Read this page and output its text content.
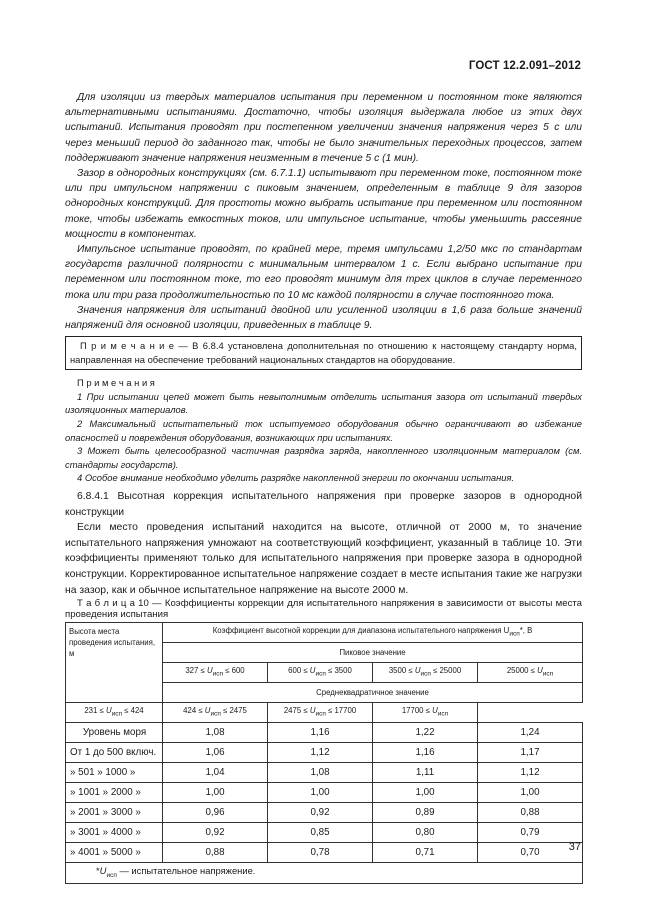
ГОСТ 12.2.091–2012

Для изоляции из твердых материалов испытания при переменном и постоянном токе являются альтернативными испытаниями. Достаточно, чтобы изоляция выдержала любое из этих двух испытаний. Испытания проводят при постепенном увеличении значения напряжения через 5 с или через меньший период до заданного так, чтобы не было значительных переходных процессов, затем поддерживают значение напряжения неизменным в течение 5 с (1 мин).

Зазор в однородных конструкциях (см. 6.7.1.1) испытывают при переменном токе, постоянном токе или при импульсном напряжении с пиковым значением, определенным в таблице 9 для зазоров однородных конструкций. Для простоты можно выбрать испытание при переменном или постоянном токе, чтобы избежать емкостных токов, или импульсное испытание, чтобы уменьшить рассеяние мощности в компонентах.

Импульсное испытание проводят, по крайней мере, тремя импульсами 1,2/50 мкс по стандартам государств различной полярности с минимальным интервалом 1 с. Если выбрано испытание при переменном или постоянном токе, то его проводят минимум для трех циклов в случае переменного тока или три раза продолжительностью по 10 мс каждой полярности в случае постоянного тока.

Значения напряжения для испытаний двойной или усиленной изоляции в 1,6 раза больше значений напряжений для основной изоляции, приведенных в таблице 9.

П р и м е ч а н и е — В 6.8.4 установлена дополнительная по отношению к настоящему стандарту норма, направленная на обеспечение требований национальных стандартов на оборудование.

П р и м е ч а н и я

1 При испытании цепей может быть невыполнимым отделить испытания зазора от испытаний твердых изоляционных материалов.

2 Максимальный испытательный ток испытуемого оборудования обычно ограничивают во избежание опасностей и повреждения оборудования, возникающих при испытаниях.

3 Может быть целесообразной частичная разрядка заряда, накопленного изоляционным материалом (см. стандарты государств).

4 Особое внимание необходимо уделить разрядке накопленной энергии по окончании испытания.

6.8.4.1 Высотная коррекция испытательного напряжения при проверке зазоров в однородной конструкции

Если место проведения испытаний находится на высоте, отличной от 2000 м, то значение испытательного напряжения умножают на соответствующий коэффициент, указанный в таблице 10. Эти коэффициенты применяют только для испытательного напряжения при проверке зазора в однородной конструкции. Корректированное испытательное напряжение создает в месте испытания такие же нагрузки на зазор, как и обычное испытательное напряжение на высоте 2000 м.

Т а б л и ц а 10 — Коэффициенты коррекции для испытательного напряжения в зависимости от высоты места проведения испытания

Высота места проведения испытания, м	Коэффициент высотной коррекции для диапазона испытательного напряжения $U_{исп}*$, В			
	Пиковое значение			
	$327 \le U_{исп} \le 600$	$600 \le U_{исп} \le 3500$	$3500 \le U_{исп} \le 25000$	$25000 \le U_{исп}$
	Среднеквадратичное значение			
$231 \le U_{исп} \le 424$	$424 \le U_{исп} \le 2475$	$2475 \le U_{исп} \le 17700$	$17700 \le U_{исп}$
Уровень моря	1,08	1,16	1,22	1,24
От 1 до 500 включ.	1,06	1,12	1,16	1,17
» 501 » 1000 »	1,04	1,08	1,11	1,12
» 1001 » 2000 »	1,00	1,00	1,00	1,00
» 2001 » 3000 »	0,96	0,92	0,89	0,88
» 3001 » 4000 »	0,92	0,85	0,80	0,79
» 4001 » 5000 »	0,88	0,78	0,71	0,70
$*U_{исп}$ — испытательное напряжение.				
37
